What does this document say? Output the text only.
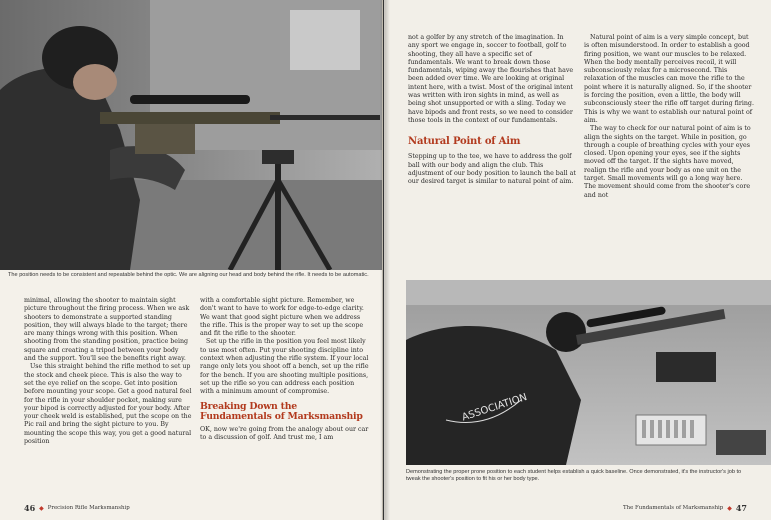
The position needs to be consistent and repeatable behind the optic. We are aligning our head and body behind the rifle. It needs to be automatic.

minimal, allowing the shooter to maintain sight picture throughout the firing process. When we ask shooters to demonstrate a supported standing position, they will always blade to the target; there are many things wrong with this position. When shooting from the standing position, practice being square and creating a tripod between your body and the support. You'll see the benefits right away.

Use this straight behind the rifle method to set up the stock and cheek piece. This is also the way to set the eye relief on the scope. Get into position before mounting your scope. Get a good natural feel for the rifle in your shoulder pocket, making sure your bipod is correctly adjusted for your body. After your cheek weld is established, put the scope on the Pic rail and bring the sight picture to you. By mounting the scope this way, you get a good natural position

with a comfortable sight picture. Remember, we don't want to have to work for edge-to-edge clarity. We want that good sight picture when we address the rifle. This is the proper way to set up the scope and fit the rifle to the shooter.

Set up the rifle in the position you feel most likely to use most often. Put your shooting discipline into context when adjusting the rifle system. If your local range only lets you shoot off a bench, set up the rifle for the bench. If you are shooting multiple positions, set up the rifle so you can address each position with a minimum amount of compromise.

Breaking Down the Fundamentals of Marksmanship

OK, now we're going from the analogy about our car to a discussion of golf. And trust me, I am

46 ◆ Precision Rifle Marksmanship

not a golfer by any stretch of the imagination. In any sport we engage in, soccer to football, golf to shooting, they all have a specific set of fundamentals. We want to break down those fundamentals, wiping away the flourishes that have been added over time. We are looking at original intent here, with a twist. Most of the original intent was written with iron sights in mind, as well as being shot unsupported or with a sling. Today we have bipods and front rests, so we need to consider those tools in the context of our fundamentals.

Natural Point of Aim

Stepping up to the tee, we have to address the golf ball with our body and align the club. This adjustment of our body position to launch the ball at our desired target is similar to natural point of aim.

Natural point of aim is a very simple concept, but is often misunderstood. In order to establish a good firing position, we want our muscles to be relaxed. When the body mentally perceives recoil, it will subconsciously relax for a microsecond. This relaxation of the muscles can move the rifle to the point where it is naturally aligned. So, if the shooter is forcing the position, even a little, the body will subconsciously steer the rifle off target during firing. This is why we want to establish our natural point of aim.

The way to check for our natural point of aim is to align the sights on the target. While in position, go through a couple of breathing cycles with your eyes closed. Upon opening your eyes, see if the sights moved off the target. If the sights have moved, realign the rifle and your body as one unit on the target. Small movements will go a long way here. The movement should come from the shooter's core and not

ASSOCIATION
Demonstrating the proper prone position to each student helps establish a quick baseline. Once demonstrated, it's the instructor's job to tweak the shooter's position to fit his or her body type.
The Fundamentals of Marksmanship ◆ 47
